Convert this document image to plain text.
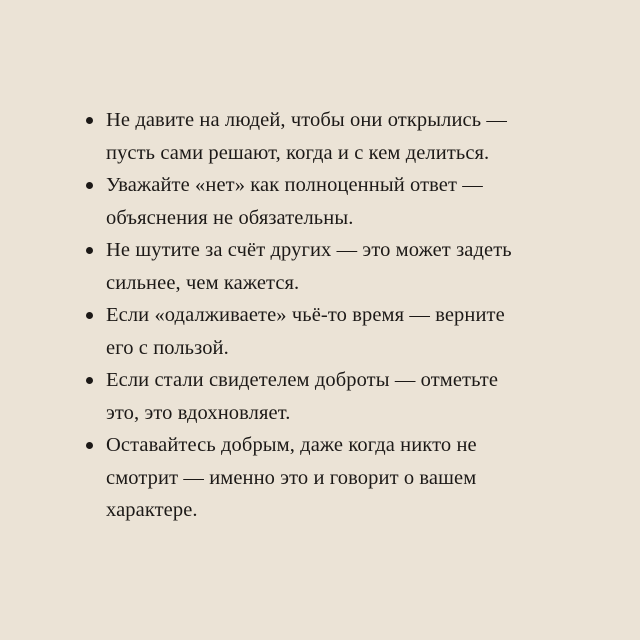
Не давите на людей, чтобы они открылись —
пусть сами решают, когда и с кем делиться.
Уважайте «нет» как полноценный ответ —
объяснения не обязательны.
Не шутите за счёт других — это может задеть
сильнее, чем кажется.
Если «одалживаете» чьё-то время — верните
его с пользой.
Если стали свидетелем доброты — отметьте
это, это вдохновляет.
Оставайтесь добрым, даже когда никто не
смотрит — именно это и говорит о вашем
характере.
